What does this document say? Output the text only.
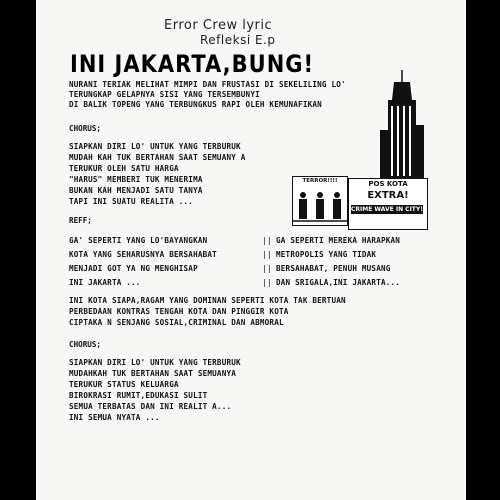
Error Crew lyric
Refleksi E.p
INI JAKARTA,BUNG!
NURANI TERIAK MELIHAT MIMPI DAN FRUSTASI DI SEKELILING LO'
TERUNGKAP GELAPNYA SISI YANG TERSEMBUNYI
DI BALIK TOPENG YANG TERBUNGKUS RAPI OLEH KEMUNAFIKAN
CHORUS;
SIAPKAN DIRI LO' UNTUK YANG TERBURUK
MUDAH KAH TUK BERTAHAN SAAT SEMUANY A
TERUKUR OLEH SATU HARGA
"HARUS" MEMBERI TUK MENERIMA
BUKAN KAH MENJADI SATU TANYA
TAPI INI SUATU REALITA ...
REFF;
GA' SEPERTI YANG LO'BAYANGKAN
KOTA YANG SEHARUSNYA BERSAHABAT
MENJADI GOT YA NG MENGHISAP
INI JAKARTA ...
||
||
||
||
GA SEPERTI MEREKA HARAPKAN
METROPOLIS YANG TIDAK
BERSAHABAT, PENUH MUSANG
DAN SRIGALA,INI JAKARTA...
INI KOTA SIAPA,RAGAM YANG DOMINAN SEPERTI KOTA TAK BERTUAN
PERBEDAAN KONTRAS TENGAH KOTA DAN PINGGIR KOTA
CIPTAKA N SENJANG SOSIAL,CRIMINAL DAN ABMORAL
CHORUS;
SIAPKAN DIRI LO' UNTUK YANG TERBURUK
MUDAHKAH TUK BERTAHAN SAAT SEMUANYA
TERUKUR STATUS KELUARGA
BIROKRASI RUMIT,EDUKASI SULIT
SEMUA TERBATAS DAN INI REALIT A...
INI SEMUA NYATA ...
TERROR!!!!	POS KOTA
EXTRA!
CRIME WAVE IN CITY!
